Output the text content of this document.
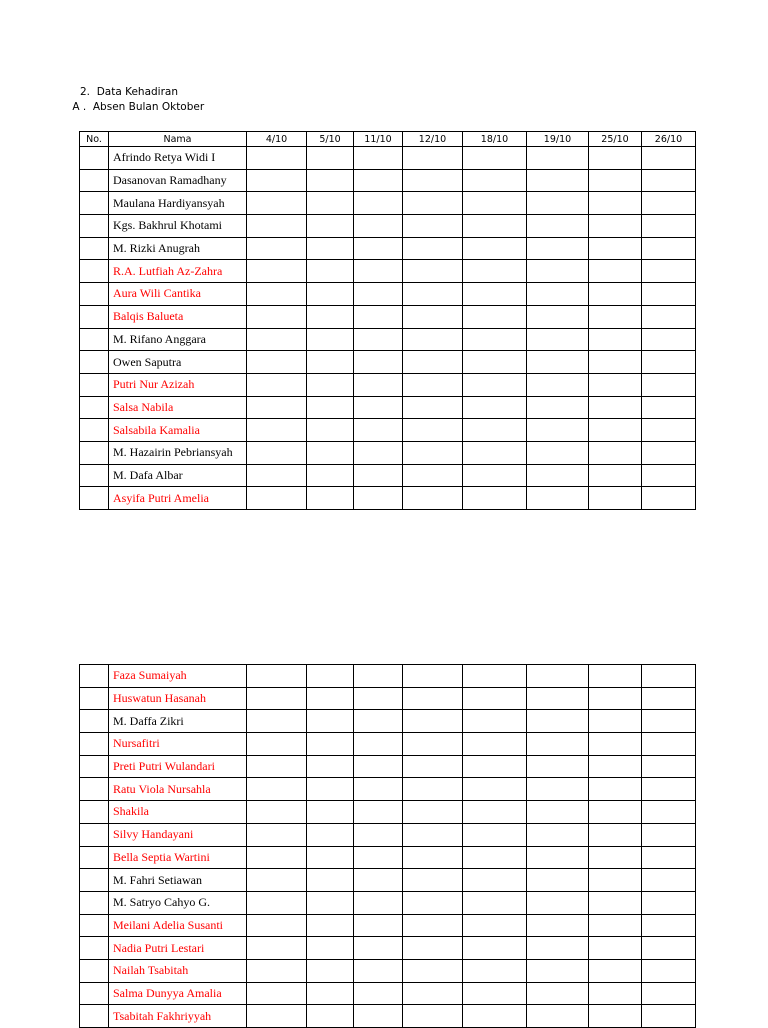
2.  Data Kehadiran
A .  Absen Bulan Oktober
No.	Nama	4/10	5/10	11/10	12/10	18/10	19/10	25/10	26/10
	Afrindo Retya Widi I								
	Dasanovan Ramadhany								
	Maulana Hardiyansyah								
	Kgs. Bakhrul Khotami								
	M. Rizki Anugrah								
	R.A. Lutfiah Az-Zahra								
	Aura Wili Cantika								
	Balqis Balueta								
	M. Rifano Anggara								
	Owen Saputra								
	Putri Nur Azizah								
	Salsa Nabila								
	Salsabila Kamalia								
	M. Hazairin Pebriansyah								
	M. Dafa Albar								
	Asyifa Putri Amelia								
	Faza Sumaiyah								
	Huswatun Hasanah								
	M. Daffa Zikri								
	Nursafitri								
	Preti Putri Wulandari								
	Ratu Viola Nursahla								
	Shakila								
	Silvy Handayani								
	Bella Septia Wartini								
	M. Fahri Setiawan								
	M. Satryo Cahyo G.								
	Meilani Adelia Susanti								
	Nadia Putri Lestari								
	Nailah Tsabitah								
	Salma Dunyya Amalia								
	Tsabitah Fakhriyyah								
